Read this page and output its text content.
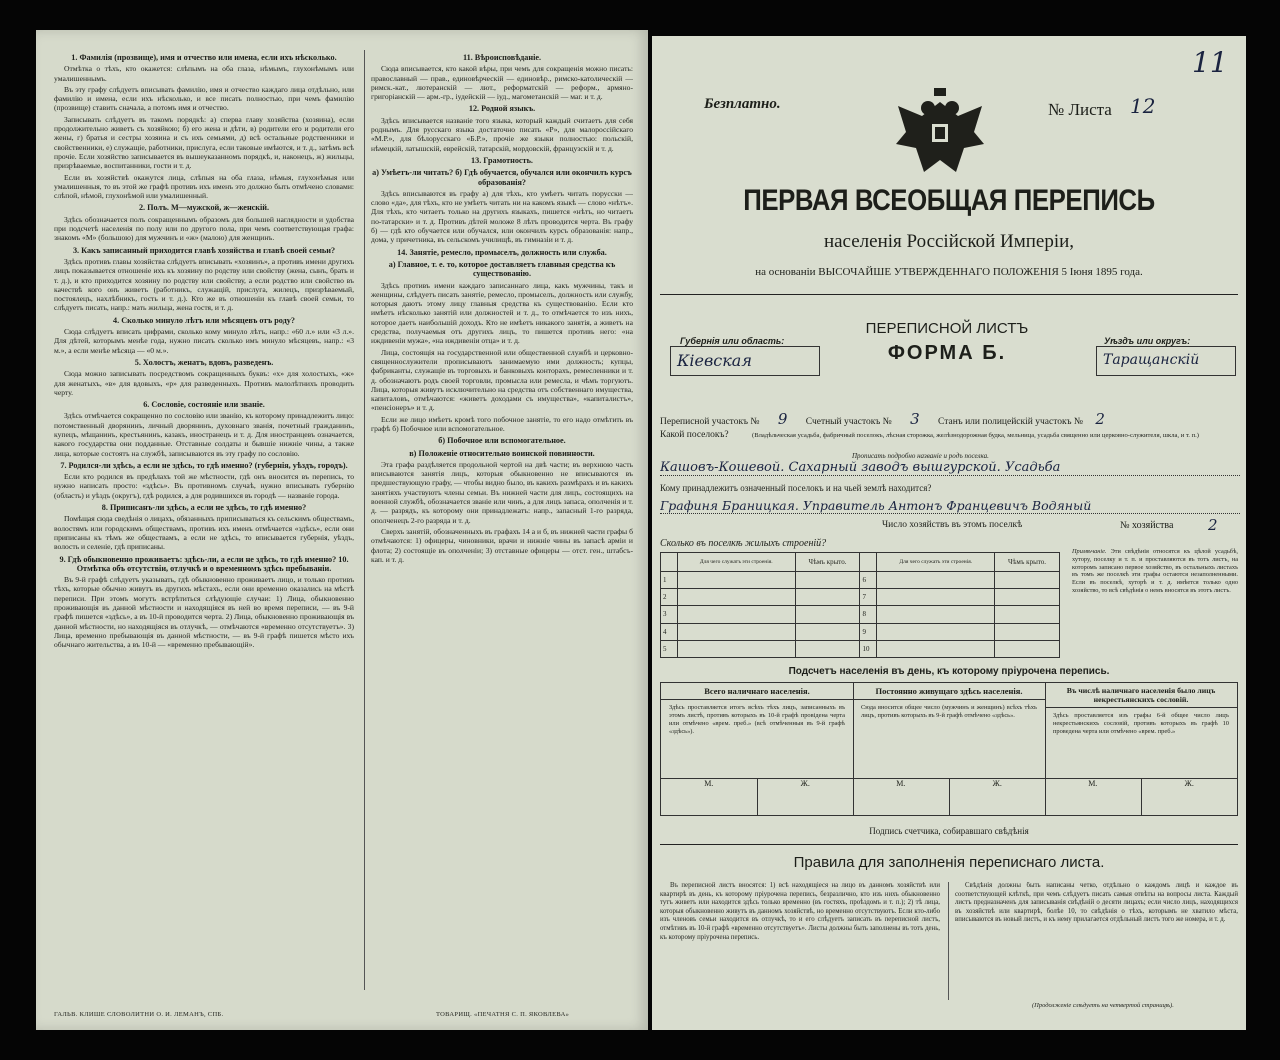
1. Фамилія (прозвище), имя и отчество или имена, если ихъ нѣсколько.

Отмѣтка о тѣхъ, кто окажется: слѣпымъ на оба глаза, нѣмымъ, глухонѣмымъ или умалишеннымъ.

Въ эту графу слѣдуетъ вписывать фамилію, имя и отчество каждаго лица отдѣльно, или фамилію и имена, если ихъ нѣсколько, и все писать полностью, при чемъ фамилію (прозвище) ставить сначала, а потомъ имя и отчество.

Записывать слѣдуетъ въ такомъ порядкѣ: а) сперва главу хозяйства (хозяина), если продолжительно живетъ съ хозяйкою; б) его жена и дѣти, в) родители его и родители его жены, г) братья и сестры хозяина и съ ихъ семьями, д) всѣ остальные родственники и свойственники, е) служащіе, работники, прислуга, если таковые имѣются, и т. д., затѣмъ всѣ прочіе. Если хозяйство записывается въ вышеуказанномъ порядкѣ, и, наконецъ, ж) жильцы, призрѣваемые, воспитанники, гости и т. д.

Если въ хозяйствѣ окажутся лица, слѣпыя на оба глаза, нѣмыя, глухонѣмыя или умалишенныя, то въ этой же графѣ противъ ихъ именъ это должно быть отмѣчено словами: слѣпой, нѣмой, глухонѣмой или умалишенный.

2. Полъ. М—мужской, ж—женскій.

Здѣсь обозначается полъ сокращеннымъ образомъ для большей наглядности и удобства при подсчетѣ населенія по полу или по другого пола, при чемъ соответствующая графа: знакомъ «М» (большою) для мужчинъ и «ж» (малою) для женщинъ.

3. Какъ записанный приходится главѣ хозяйства и главѣ своей семьи?

Здѣсь противъ главы хозяйства слѣдуетъ вписывать «хозяинъ», а противъ имени другихъ лицъ показывается отношеніе ихъ къ хозяину по родству или свойству (жена, сынъ, брать и т. д.), и кто приходится хозяину по родству или свойству, а если родство или свойство въ качествѣ кого онъ живетъ (работникъ, служащій, прислуга, жилецъ, призрѣваемый, постоялецъ, нахлѣбникъ, гость и т. д.). Кто же въ отношеніи къ главѣ своей семьи, то слѣдуетъ писать, напр.: мать жильца, жена гостя, и т. д.

4. Сколько минуло лѣтъ или мѣсяцевъ отъ роду?

Сюда слѣдуетъ вписать цифрами, сколько кому минуло лѣтъ, напр.: «60 л.» или «3 л.». Для дѣтей, которымъ менѣе года, нужно писать сколько имъ минуло мѣсяцевъ, напр.: «3 м.», а если менѣе мѣсяца — «0 м.».

5. Холостъ, женатъ, вдовъ, разведенъ.

Сюда можно записывать посредствомъ сокращенныхъ буквъ: «х» для холостыхъ, «ж» для женатыхъ, «в» для вдовыхъ, «р» для разведенныхъ. Противъ малолѣтнихъ проводить черту.

6. Сословіе, состояніе или званіе.

Здѣсь отмѣчается сокращенно по сословію или званію, къ которому принадлежитъ лицо: потомственный дворянинъ, личный дворянинъ, духовнаго званія, почетный гражданинъ, купецъ, мѣщанинъ, крестьянинъ, казакъ, иностранецъ и т. д. Для иностранцевъ означается, какого государства они подданные. Отставные солдаты и бывшіе нижніе чины, а также лица, которые состоятъ на службѣ, записываются въ эту графу по сословію.

7. Родился-ли здѣсь, а если не здѣсь, то гдѣ именно? (губернія, уѣздъ, городъ).

Если кто родился въ предѣлахъ той же мѣстности, гдѣ онъ вносится въ перепись, то нужно написать просто: «здѣсь». Въ противномъ случаѣ, нужно вписывать губернію (область) и уѣздъ (округъ), гдѣ родился, а для родившихся въ городѣ — названіе города.

8. Приписанъ-ли здѣсь, а если не здѣсь, то гдѣ именно?

Помѣщая сюда сведѣнія о лицахъ, обязанныхъ приписываться къ сельскимъ обществамъ, волостямъ или городскимъ обществамъ, противъ ихъ именъ отмѣчается «здѣсь», если они приписаны къ тѣмъ же обществамъ, а если не здѣсь, то вписывается губернія, уѣздъ, волость и селеніе, гдѣ приписаны.

9. Гдѣ обыкновенно проживаетъ: здѣсь-ли, а если не здѣсь, то гдѣ именно? 10. Отмѣтка объ отсутствіи, отлучкѣ и о временномъ здѣсь пребываніи.

Въ 9-й графѣ слѣдуетъ указывать, гдѣ обыкновенно проживаетъ лицо, и только противъ тѣхъ, которые обычно живутъ въ другихъ мѣстахъ, если они временно оказались на мѣстѣ переписи. При этомъ могутъ встрѣтиться слѣдующіе случаи: 1) Лица, обыкновенно проживающія въ данной мѣстности и находящіяся въ ней во время переписи, — въ 9-й графѣ пишется «здѣсь», а въ 10-й проводится черта. 2) Лица, обыкновенно проживающія въ данной мѣстности, но находящіяся въ отлучкѣ, — отмѣчаются «временно отсутствуетъ». 3) Лица, временно пребывающія въ данной мѣстности, — въ 9-й графѣ пишется мѣсто ихъ обычнаго жительства, а въ 10-й — «временно пребывающій».

11. Вѣроисповѣданіе.

Сюда вписывается, кто какой вѣры, при чемъ для сокращенія можно писать: православный — прав., единовѣрческій — единовѣр., римско-католическій — римск.-кат., лютеранскій — лют., реформатскій — реформ., армяно-григоріанскій — арм.-гр., іудейскій — іуд., магометанскій — маг. и т. д.

12. Родной языкъ.

Здѣсь вписывается названіе того языка, который каждый считаетъ для себя роднымъ. Для русскаго языка достаточно писать «Р», для малороссійскаго «М.Р.», для бѣлорусскаго «Б.Р.», прочіе же языки полностью: польскій, нѣмецкій, латышскій, еврейскій, татарскій, мордовскій, французскій и т. д.

13. Грамотность.
а) Умѣетъ-ли читать? б) Гдѣ обучается, обучался или окончилъ курсъ образованія?

Здѣсь вписываются въ графу а) для тѣхъ, кто умѣетъ читать порусски — слово «да», для тѣхъ, кто не умѣетъ читать ни на какомъ языкѣ — слово «нѣтъ». Для тѣхъ, кто читаетъ только на другихъ языкахъ, пишется «нѣтъ, но читаетъ по-татарски» и т. д. Противъ дѣтей моложе 8 лѣтъ проводится черта. Въ графу б) — гдѣ кто обучается или обучался, или окончилъ курсъ образованія: напр., дома, у причетника, въ сельскомъ училищѣ, въ гимназіи и т. д.

14. Занятіе, ремесло, промыселъ, должность или служба.
а) Главное, т. е. то, которое доставляетъ главныя средства къ существованію.

Здѣсь противъ имени каждаго записаннаго лица, какъ мужчины, такъ и женщины, слѣдуетъ писать занятіе, ремесло, промыселъ, должность или службу, которыя даютъ этому лицу главныя средства къ существованію. Если кто имѣетъ нѣсколько занятій или должностей и т. д., то отмѣчается то изъ нихъ, которое даетъ наибольшій доходъ. Кто не имѣетъ никакого занятія, а живетъ на средства, получаемыя отъ другихъ лицъ, то пишется противъ него: «на иждивеніи мужа», «на иждивеніи отца» и т. д.

Лица, состоящія на государственной или общественной службѣ и церковно-священнослужители прописываютъ занимаемую ими должность; купцы, фабриканты, служащіе въ торговыхъ и банковыхъ конторахъ, ремесленники и т. д. обозначаютъ родъ своей торговли, промысла или ремесла, и чѣмъ торгуютъ. Лица, которыя живутъ исключительно на средства отъ собственнаго имущества, капиталовъ, отмѣчаются: «живетъ доходами съ имущества», «капиталистъ», «пенсіонеръ» и т. д.

Если же лицо имѣетъ кромѣ того побочное занятіе, то его надо отмѣтить въ графѣ б) Побочное или вспомогательное.

б) Побочное или вспомогательное.
в) Положеніе относительно воинской повинности.

Эта графа раздѣляется продольной чертой на двѣ части; въ верхнюю часть вписываются занятія лицъ, которыя обыкновенно не вписываются въ предшествующую графу, — чтобы видно было, въ какихъ размѣрахъ и въ какихъ занятіяхъ участвуютъ члены семьи. Въ нижней части для лицъ, состоящихъ на военной службѣ, обозначается званіе или чинъ, а для лицъ запаса, ополченія и т. д. — разрядъ, къ которому они принадлежатъ: напр., запасный 1-го разряда, ополченецъ 2-го разряда и т. д.

Сверхъ занятій, обозначенныхъ въ графахъ 14 а и б, въ нижней части графы б отмѣчаются: 1) офицеры, чиновники, врачи и нижніе чины въ запасѣ арміи и флота; 2) состоящіе въ ополченіи; 3) отставные офицеры — отст. ген., штабсъ-кап. и т. д.

ГАЛЬВ. КЛИШЕ СЛОВОЛИТНИ О. И. ЛЕМАНЪ, СПБ.	ТОВАРИЩ. «ПЕЧАТНЯ С. П. ЯКОВЛЕВА»
11
Безплатно.	№ Листа 12
ПЕРВАЯ ВСЕОБЩАЯ ПЕРЕПИСЬ
населенія Россійской Имперіи,
на основаніи ВЫСОЧАЙШЕ УТВЕРЖДЕННАГО ПОЛОЖЕНІЯ 5 Іюня 1895 года.
Губернія или область:
Кіевская
ПЕРЕПИСНОЙ ЛИСТЪ
ФОРМА Б.
Уѣздъ или округъ:
Таращанскій
Переписной участокъ № 9 Счетный участокъ № 3 Станъ или полицейскій участокъ № 2
Какой поселокъ?	(Владѣльческая усадьба, фабричный поселокъ, лѣсная сторожка, желѣзнодорожная будка, мельница, усадьба священно или церковно-служителя, шкла, и т. п.)
Прописать подробно названіе и родъ поселка.
Кашовъ-Кошевой. Сахарный заводъ вышгурской. Усадьба
Кому принадлежитъ означенный поселокъ и на чьей землѣ находится?
Графиня Браницкая. Управитель Антонъ Францевичъ Водяный
Число хозяйствъ въ этомъ поселкѣ	№ хозяйства 2
Сколько въ поселкѣ жилыхъ строеній?
	Для чего служатъ эти строенія.	Чѣмъ крыто.		Для чего служатъ эти строенія.	Чѣмъ крыто.
1			6		
2			7		
3			8		
4			9		
5			10		
Примѣчаніе. Эти свѣдѣнія относятся къ цѣлой усадьбѣ, хутору, поселку и т. п. и проставляются въ тотъ листъ, на которомъ записано первое хозяйство, въ остальныхъ листахъ въ томъ же поселкѣ эти графы остаются незаполненными. Если въ поселкѣ, хуторѣ и т. д. имѣется только одно хозяйство, то всѣ свѣдѣнія о немъ вносятся въ этотъ листъ.
Подсчетъ населенія въ день, къ которому пріурочена перепись.
Всего наличнаго населенія.
Здѣсь проставляется итогъ всѣхъ тѣхъ лицъ, записанныхъ въ этомъ листѣ, противъ которыхъ въ 10-й графѣ провідена черта или отмѣчено «врем. преб.» (всѣ отмѣченныя въ 9-й графѣ «здѣсь»).
М.	Ж.
Постоянно живущаго здѣсь населенія.
Сюда вносится общее число (мужчинъ и женщинъ) всѣхъ тѣхъ лицъ, противъ которыхъ въ 9-й графѣ отмѣчено «здѣсь».
М.	Ж.
Въ числѣ наличнаго населенія было лицъ некрестьянскихъ сословій.
Здѣсь проставляется изъ графы 6-й общее число лицъ некрестьянскихъ сословій, противъ которыхъ въ графѣ 10 проведена черта или отмѣчено «врем. преб.»
М.	Ж.
Подпись счетчика, собиравшаго свѣдѣнія
Правила для заполненія переписнаго листа.
Въ переписной листъ вносятся: 1) всѣ находящіеся на лицо въ данномъ хозяйствѣ или квартирѣ въ день, къ которому пріурочена перепись, безразлично, кто изъ нихъ обыкновенно тутъ живетъ или находится здѣсь только временно (въ гостяхъ, проѣздомъ и т. п.); 2) тѣ лица, которыя обыкновенно живутъ въ данномъ хозяйствѣ, но временно отсутствуютъ. Если кто-либо изъ членовъ семьи находится въ отлучкѣ, то и его слѣдуетъ записать въ переписной листъ, отмѣтивъ въ 10-й графѣ «временно отсутствуетъ». Листы должны быть заполнены въ тотъ день, къ которому пріурочена перепись.
Свѣдѣнія должны быть написаны четко, отдѣльно о каждомъ лицѣ и каждое въ соответствующей клѣткѣ, при чемъ слѣдуетъ писать самыя отвѣты на вопросы листа. Каждый листъ предназначенъ для записыванія свѣдѣній о десяти лицахъ; если число лицъ, находящихся въ хозяйствѣ или квартирѣ, болѣе 10, то свѣдѣнія о тѣхъ, которымъ не хватило мѣста, вписываются въ новый листъ, и къ нему прилагается отдѣльный листъ того же номера, и т. д.
(Продолженіе слѣдуетъ на четвертой страницѣ).
